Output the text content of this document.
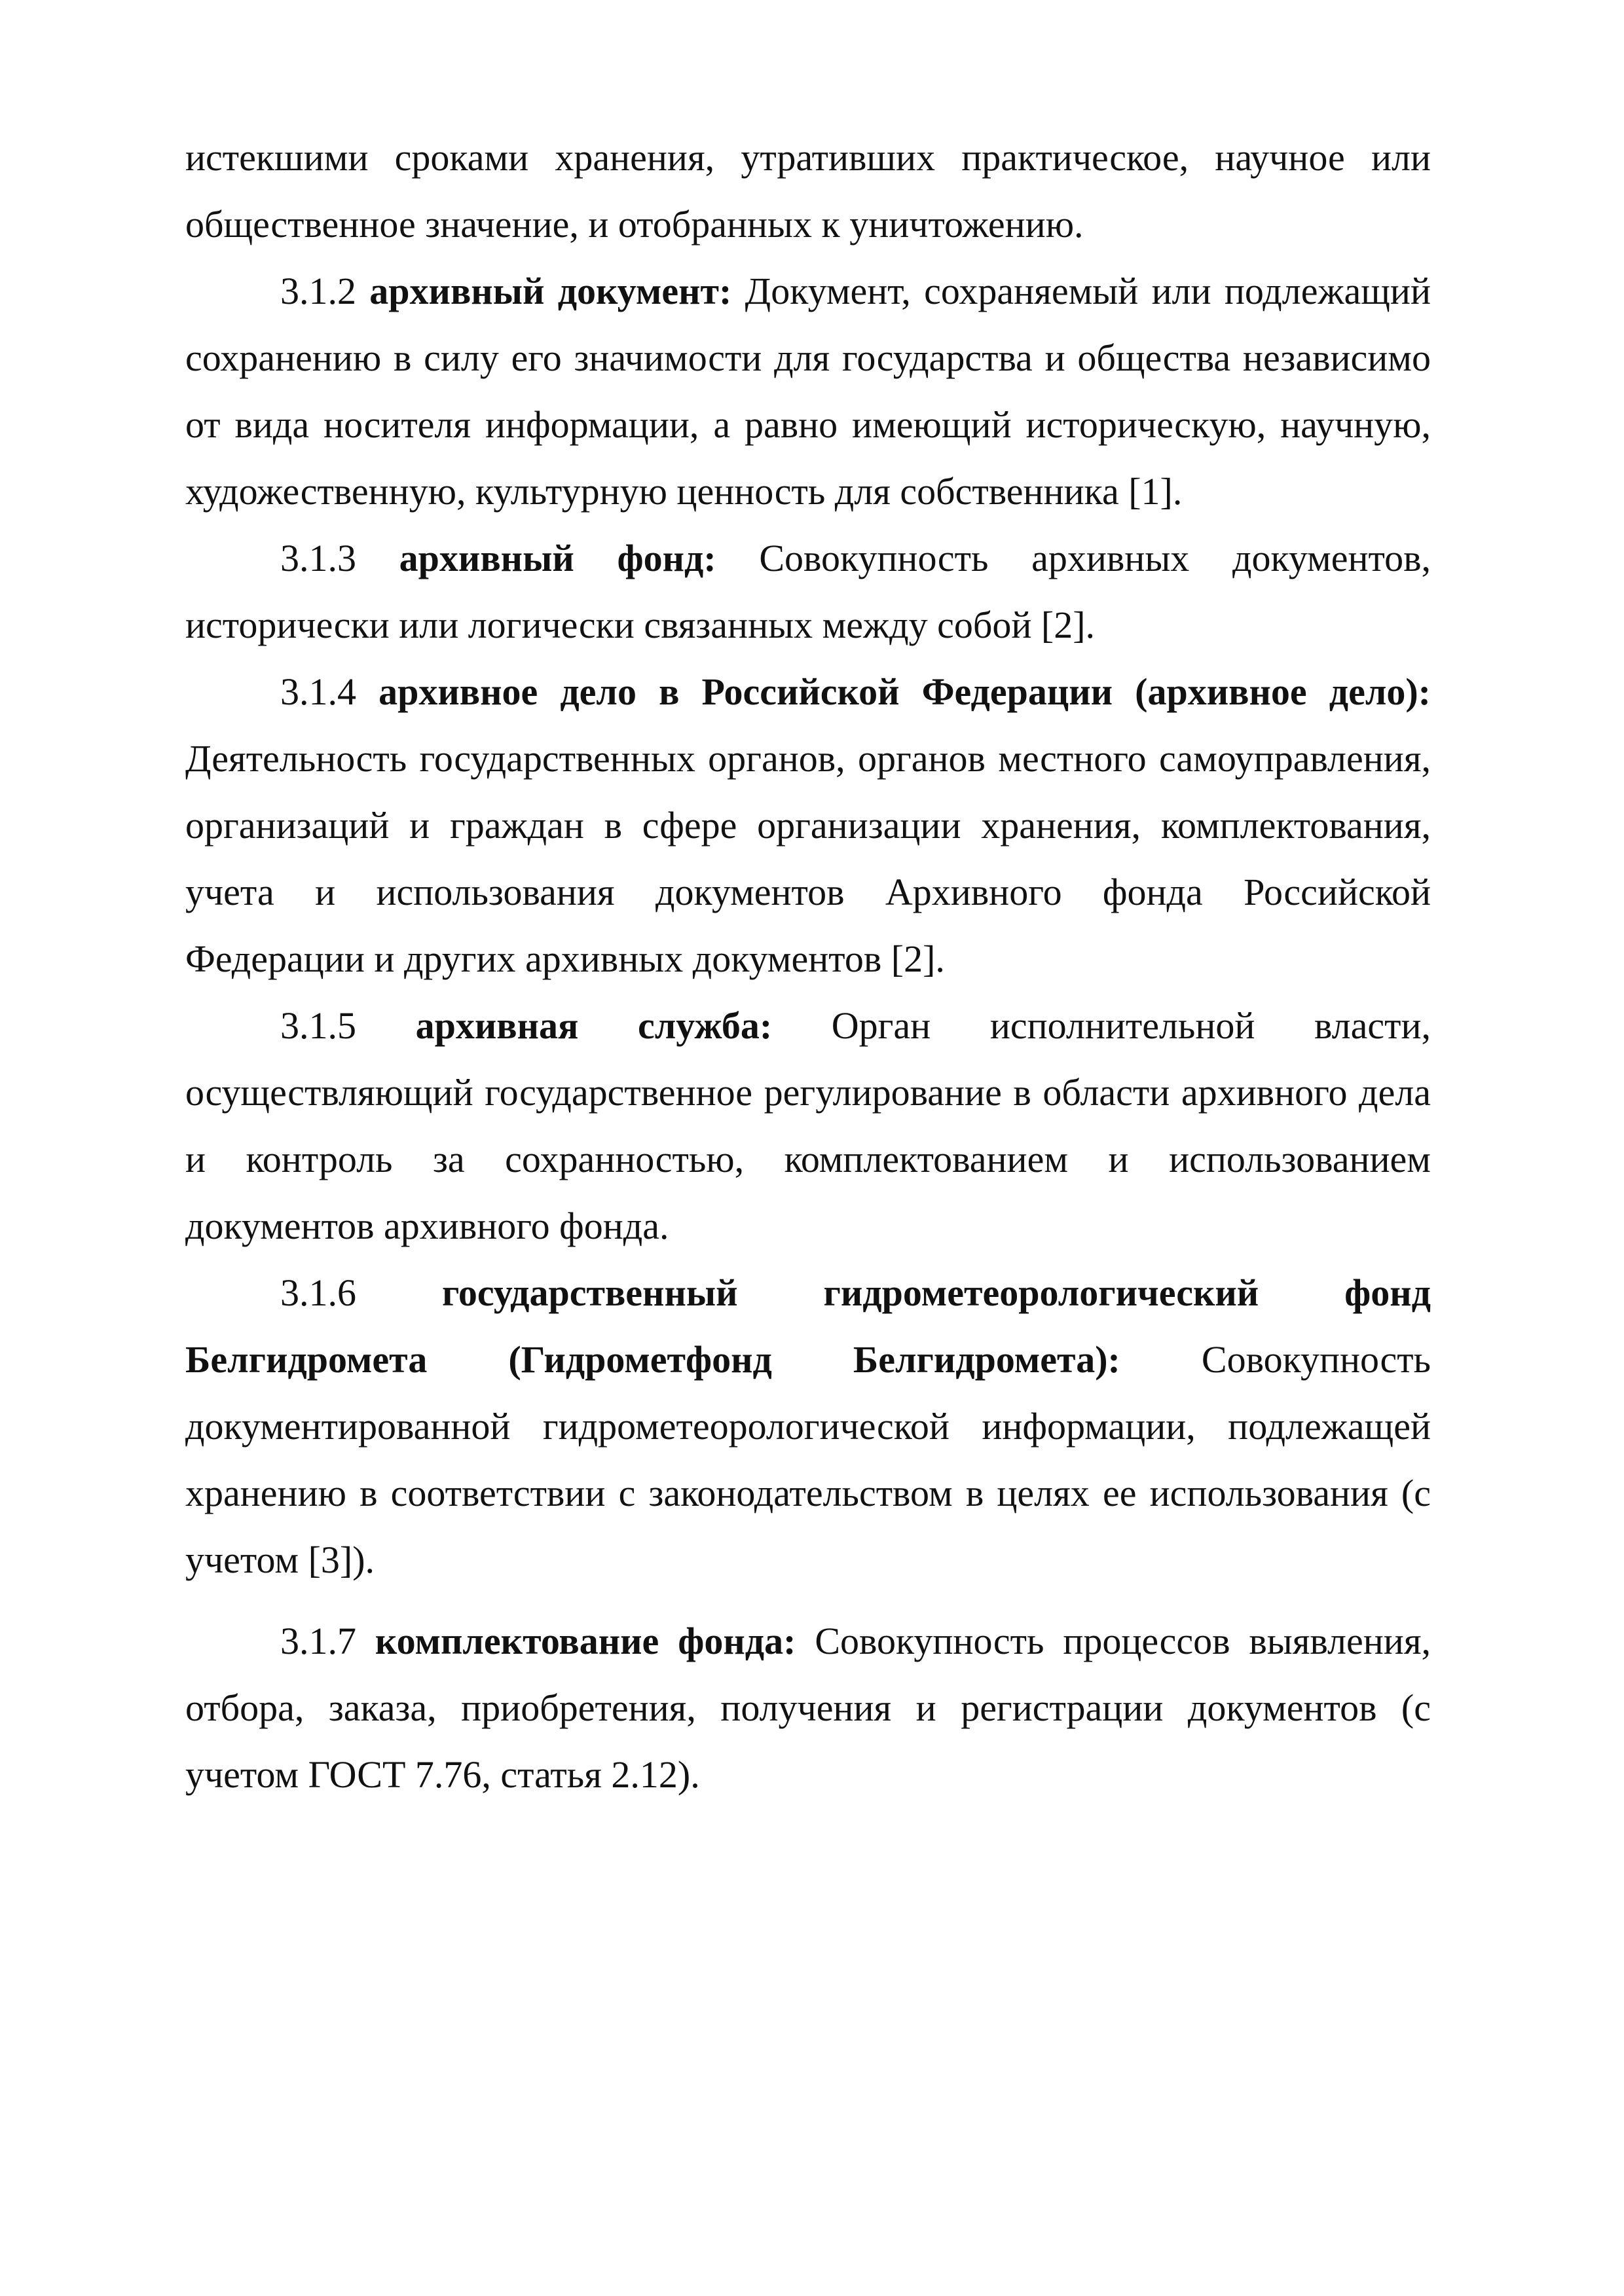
истекшими сроками хранения, утративших практическое, научное или общественное значение, и отобранных к уничтожению.

3.1.2 архивный документ: Документ, сохраняемый или подлежащий сохранению в силу его значимости для государства и общества независимо от вида носителя информации, а равно имеющий историческую, научную, художественную, культурную ценность для собственника [1].

3.1.3 архивный фонд: Совокупность архивных документов, исторически или логически связанных между собой [2].

3.1.4 архивное дело в Российской Федерации (архивное дело): Деятельность государственных органов, органов местного самоуправления, организаций и граждан в сфере организации хранения, комплектования, учета и использования документов Архивного фонда Российской Федерации и других архивных документов [2].

3.1.5 архивная служба: Орган исполнительной власти, осуществляющий государственное регулирование в области архивного дела и контроль за сохранностью, комплектованием и использованием документов архивного фонда.

3.1.6 государственный гидрометеорологический фонд Белгидромета (Гидрометфонд Белгидромета): Совокупность документированной гидрометеорологической информации, подлежащей хранению в соответствии с законодательством в целях ее использования (с учетом [3]).

3.1.7 комплектование фонда: Совокупность процессов выявления, отбора, заказа, приобретения, получения и регистрации документов (с учетом ГОСТ 7.76, статья 2.12).
